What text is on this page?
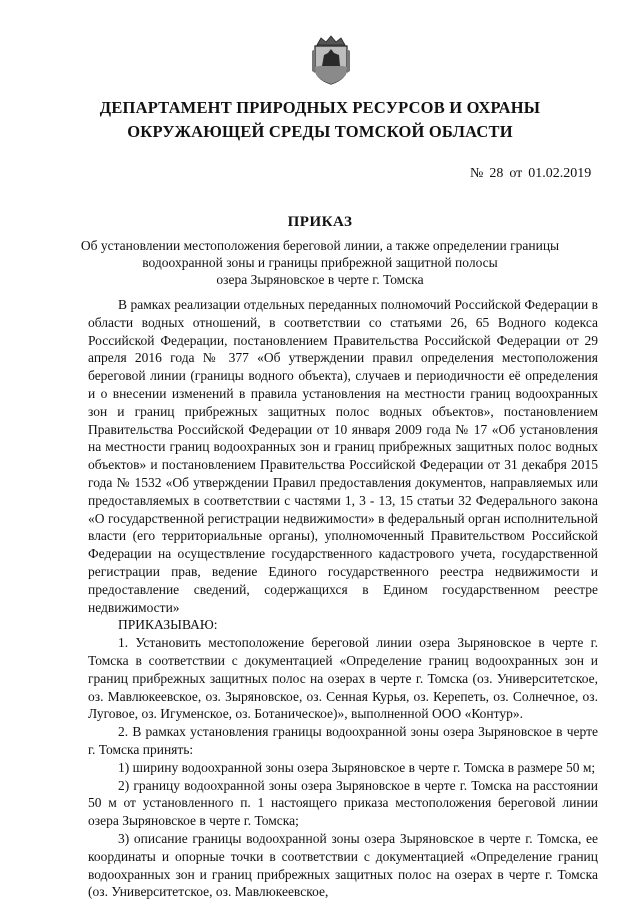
ДЕПАРТАМЕНТ ПРИРОДНЫХ РЕСУРСОВ И ОХРАНЫ
ОКРУЖАЮЩЕЙ СРЕДЫ ТОМСКОЙ ОБЛАСТИ
№ 28 от 01.02.2019
ПРИКАЗ
Об установлении местоположения береговой линии, а также определении границы
водоохранной зоны и границы прибрежной защитной полосы
озера Зыряновское в черте г. Томска

В рамках реализации отдельных переданных полномочий Российской Федерации в области водных отношений, в соответствии со статьями 26, 65 Водного кодекса Российской Федерации, постановлением Правительства Российской Федерации от 29 апреля 2016 года № 377 «Об утверждении правил определения местоположения береговой линии (границы водного объекта), случаев и периодичности её определения и о внесении изменений в правила установления на местности границ водоохранных зон и границ прибрежных защитных полос водных объектов», постановлением Правительства Российской Федерации от 10 января 2009 года № 17 «Об установления на местности границ водоохранных зон и границ прибрежных защитных полос водных объектов» и постановлением Правительства Российской Федерации от 31 декабря 2015 года № 1532 «Об утверждении Правил предоставления документов, направляемых или предоставляемых в соответствии с частями 1, 3 - 13, 15 статьи 32 Федерального закона «О государственной регистрации недвижимости» в федеральный орган исполнительной власти (его территориальные органы), уполномоченный Правительством Российской Федерации на осуществление государственного кадастрового учета, государственной регистрации прав, ведение Единого государственного реестра недвижимости и предоставление сведений, содержащихся в Едином государственном реестре недвижимости»

ПРИКАЗЫВАЮ:

1. Установить местоположение береговой линии озера Зыряновское в черте г. Томска в соответствии с документацией «Определение границ водоохранных зон и границ прибрежных защитных полос на озерах в черте г. Томска (оз. Университетское, оз. Мавлюкеевское, оз. Зыряновское, оз. Сенная Курья, оз. Керепеть, оз. Солнечное, оз. Луговое, оз. Игуменское, оз. Ботаническое)», выполненной ООО «Контур».

2. В рамках установления границы водоохранной зоны озера Зыряновское в черте г. Томска принять:

1) ширину водоохранной зоны озера Зыряновское в черте г. Томска в размере 50 м;

2) границу водоохранной зоны озера Зыряновское в черте г. Томска на расстоянии 50 м от установленного п. 1 настоящего приказа местоположения береговой линии озера Зыряновское в черте г. Томска;

3) описание границы водоохранной зоны озера Зыряновское в черте г. Томска, ее координаты и опорные точки в соответствии с документацией «Определение границ водоохранных зон и границ прибрежных защитных полос на озерах в черте г. Томска (оз. Университетское, оз. Мавлюкеевское,
